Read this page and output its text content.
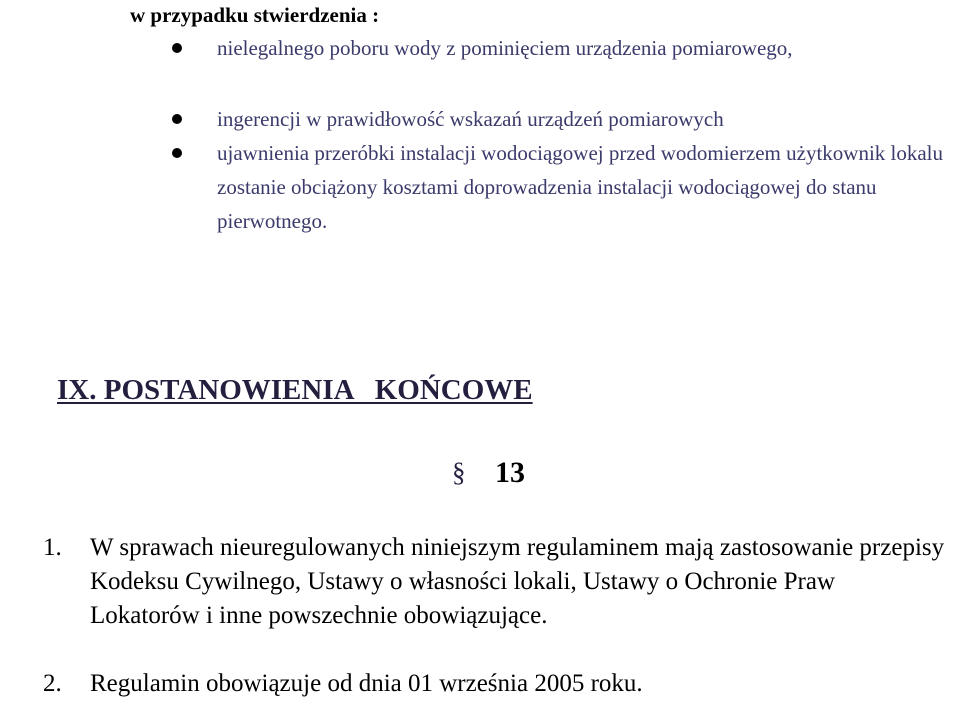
w przypadku stwierdzenia :
nielegalnego poboru wody z pominięciem urządzenia pomiarowego,
ingerencji w prawidłowość wskazań urządzeń pomiarowych
ujawnienia przeróbki instalacji wodociągowej przed wodomierzem użytkownik lokalu zostanie obciążony kosztami doprowadzenia instalacji wodociągowej do stanu pierwotnego.
IX. POSTANOWIENIA   KOŃCOWE
§ 13
1. W sprawach nieuregulowanych niniejszym regulaminem mają zastosowanie przepisy Kodeksu Cywilnego, Ustawy o własności lokali, Ustawy o Ochronie Praw Lokatorów i inne powszechnie obowiązujące.
2. Regulamin obowiązuje od dnia 01 września 2005 roku.
